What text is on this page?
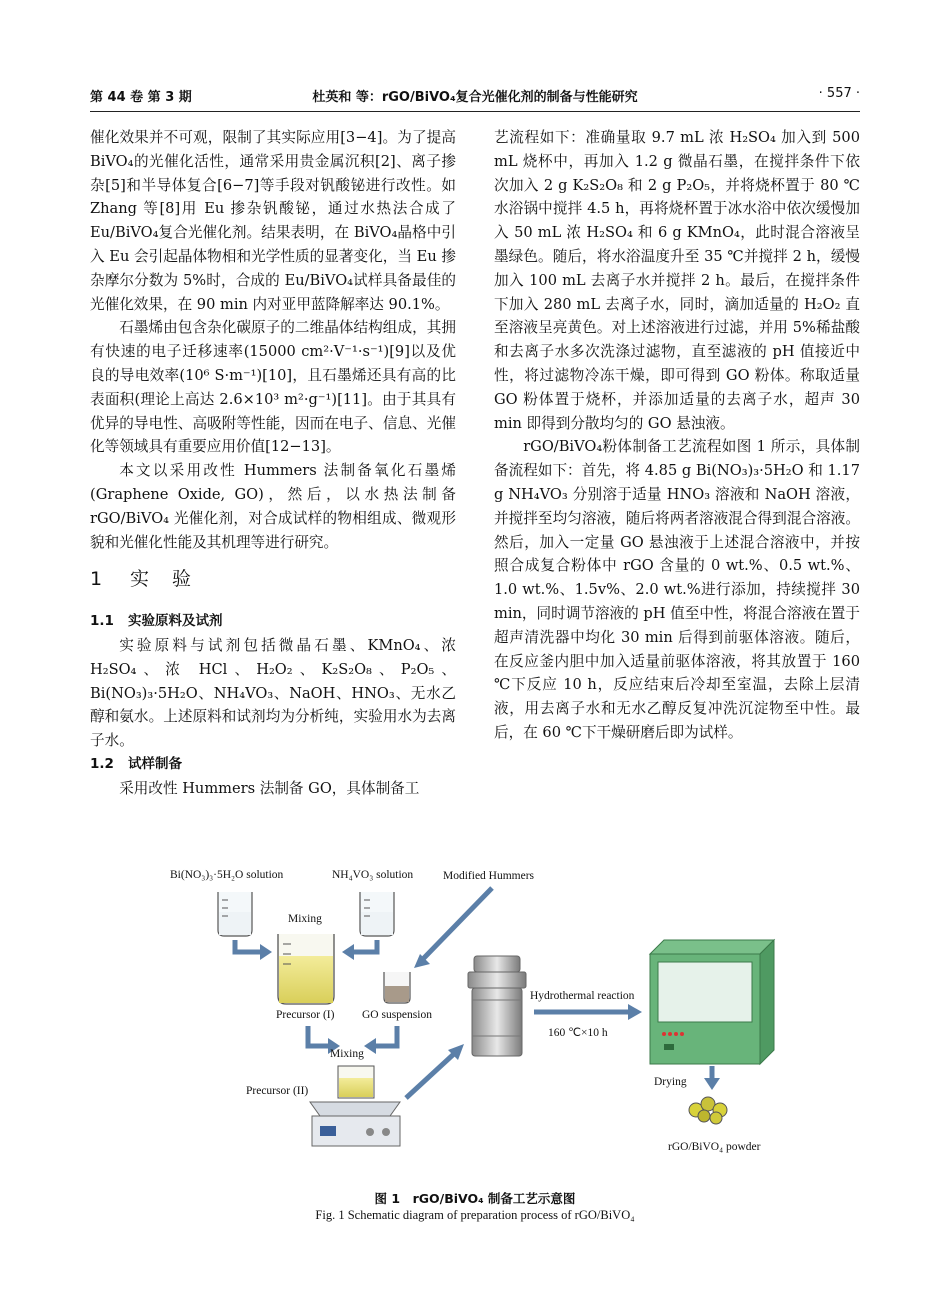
第 44 卷 第 3 期	杜英和 等：rGO/BiVO₄复合光催化剂的制备与性能研究	· 557 ·

催化效果并不可观，限制了其实际应用[3−4]。为了提高BiVO₄的光催化活性，通常采用贵金属沉积[2]、离子掺杂[5]和半导体复合[6−7]等手段对钒酸铋进行改性。如 Zhang 等[8]用 Eu 掺杂钒酸铋，通过水热法合成了 Eu/BiVO₄复合光催化剂。结果表明，在 BiVO₄晶格中引入 Eu 会引起晶体物相和光学性质的显著变化，当 Eu 掺杂摩尔分数为 5%时，合成的 Eu/BiVO₄试样具备最佳的光催化效果，在 90 min 内对亚甲蓝降解率达 90.1%。

石墨烯由包含杂化碳原子的二维晶体结构组成，其拥有快速的电子迁移速率(15000 cm²·V⁻¹·s⁻¹)[9]以及优良的导电效率(10⁶ S·m⁻¹)[10]，且石墨烯还具有高的比表面积(理论上高达 2.6×10³ m²·g⁻¹)[11]。由于其具有优异的导电性、高吸附等性能，因而在电子、信息、光催化等领域具有重要应用价值[12−13]。

本文以采用改性 Hummers 法制备氧化石墨烯(Graphene Oxide, GO)，然后，以水热法制备 rGO/BiVO₄ 光催化剂，对合成试样的物相组成、微观形貌和光催化性能及其机理等进行研究。

1 实　验
1.1 实验原料及试剂

实验原料与试剂包括微晶石墨、KMnO₄、浓 H₂SO₄、浓 HCl、H₂O₂、K₂S₂O₈、P₂O₅、Bi(NO₃)₃·5H₂O、NH₄VO₃、NaOH、HNO₃、无水乙醇和氨水。上述原料和试剂均为分析纯，实验用水为去离子水。

1.2 试样制备

采用改性 Hummers 法制备 GO，具体制备工

艺流程如下：准确量取 9.7 mL 浓 H₂SO₄ 加入到 500 mL 烧杯中，再加入 1.2 g 微晶石墨，在搅拌条件下依次加入 2 g K₂S₂O₈ 和 2 g P₂O₅，并将烧杯置于 80 ℃水浴锅中搅拌 4.5 h，再将烧杯置于冰水浴中依次缓慢加入 50 mL 浓 H₂SO₄ 和 6 g KMnO₄，此时混合溶液呈墨绿色。随后，将水浴温度升至 35 ℃并搅拌 2 h，缓慢加入 100 mL 去离子水并搅拌 2 h。最后，在搅拌条件下加入 280 mL 去离子水，同时，滴加适量的 H₂O₂ 直至溶液呈亮黄色。对上述溶液进行过滤，并用 5%稀盐酸和去离子水多次洗涤过滤物，直至滤液的 pH 值接近中性，将过滤物冷冻干燥，即可得到 GO 粉体。称取适量 GO 粉体置于烧杯，并添加适量的去离子水，超声 30 min 即得到分散均匀的 GO 悬浊液。

rGO/BiVO₄粉体制备工艺流程如图 1 所示，具体制备流程如下：首先，将 4.85 g Bi(NO₃)₃·5H₂O 和 1.17 g NH₄VO₃ 分别溶于适量 HNO₃ 溶液和 NaOH 溶液，并搅拌至均匀溶液，随后将两者溶液混合得到混合溶液。然后，加入一定量 GO 悬浊液于上述混合溶液中，并按照合成复合粉体中 rGO 含量的 0 wt.%、0.5 wt.%、1.0 wt.%、1.5v%、2.0 wt.%进行添加，持续搅拌 30 min，同时调节溶液的 pH 值至中性，将混合溶液在置于超声清洗器中均化 30 min 后得到前驱体溶液。随后，在反应釜内胆中加入适量前驱体溶液，将其放置于 160 ℃下反应 10 h，反应结束后冷却至室温，去除上层清液，用去离子水和无水乙醇反复冲洗沉淀物至中性。最后，在 60 ℃下干燥研磨后即为试样。

Bi(NO₃)₃·5H₂O solution	NH₄VO₃ solution	Modified Hummers
Mixing
Precursor (I) GO suspension
Mixing
Precursor (II)
Hydrothermal reaction
160 ℃×10 h
Drying
rGO/BiVO₄ powder
图 1　rGO/BiVO₄ 制备工艺示意图
Fig. 1 Schematic diagram of preparation process of rGO/BiVO₄
